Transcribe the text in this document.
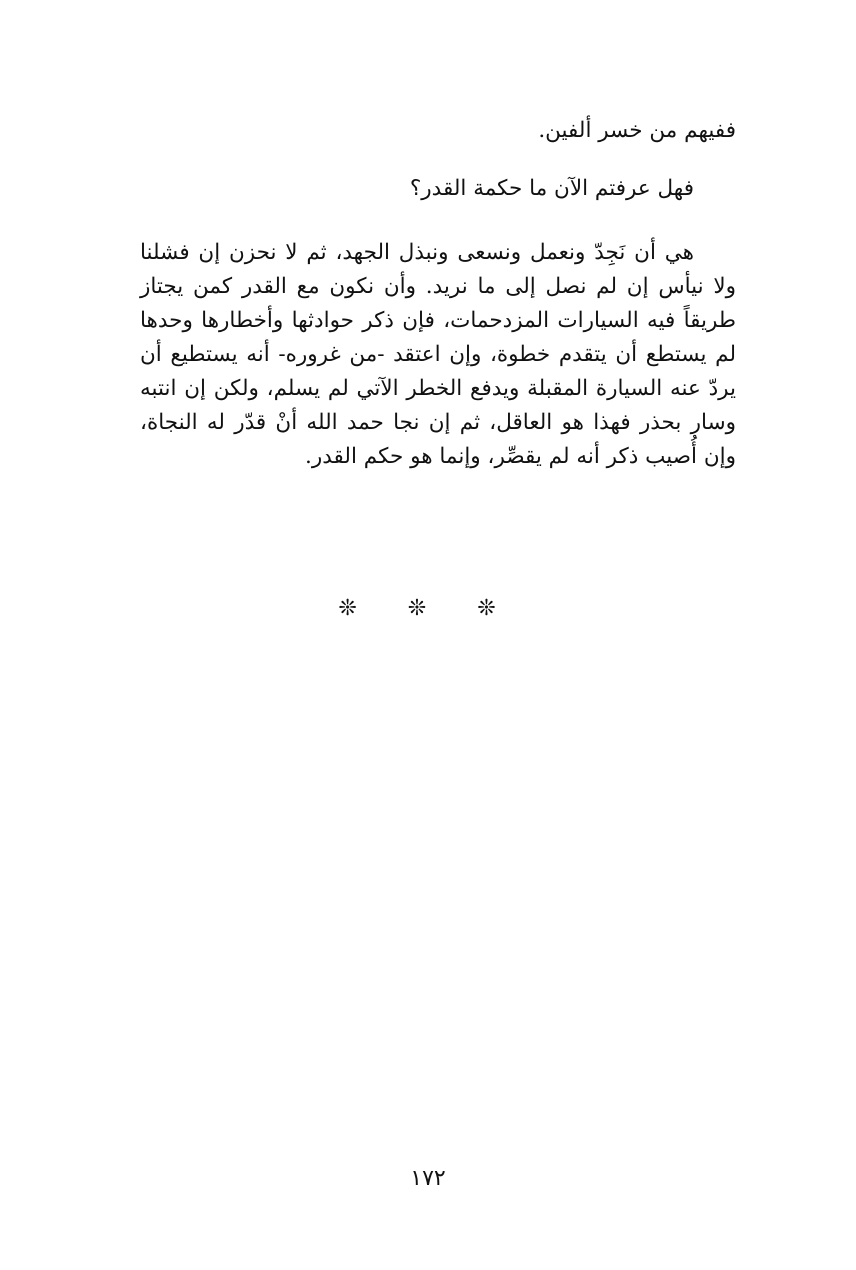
ففيهم من خسر ألفين.
فهل عرفتم الآن ما حكمة القدر؟
هي أن نَجِدّ ونعمل ونسعى ونبذل الجهد، ثم لا نحزن إن فشلنا ولا نيأس إن لم نصل إلى ما نريد. وأن نكون مع القدر كمن يجتاز طريقاً فيه السيارات المزدحمات، فإن ذكر حوادثها وأخطارها وحدها لم يستطع أن يتقدم خطوة، وإن اعتقد -من غروره- أنه يستطيع أن يردّ عنه السيارة المقبلة ويدفع الخطر الآتي لم يسلم، ولكن إن انتبه وسار بحذر فهذا هو العاقل، ثم إن نجا حمد الله أنْ قدّر له النجاة، وإن أُصيب ذكر أنه لم يقصِّر، وإنما هو حكم القدر.
❊ ❊ ❊
١٧٢
